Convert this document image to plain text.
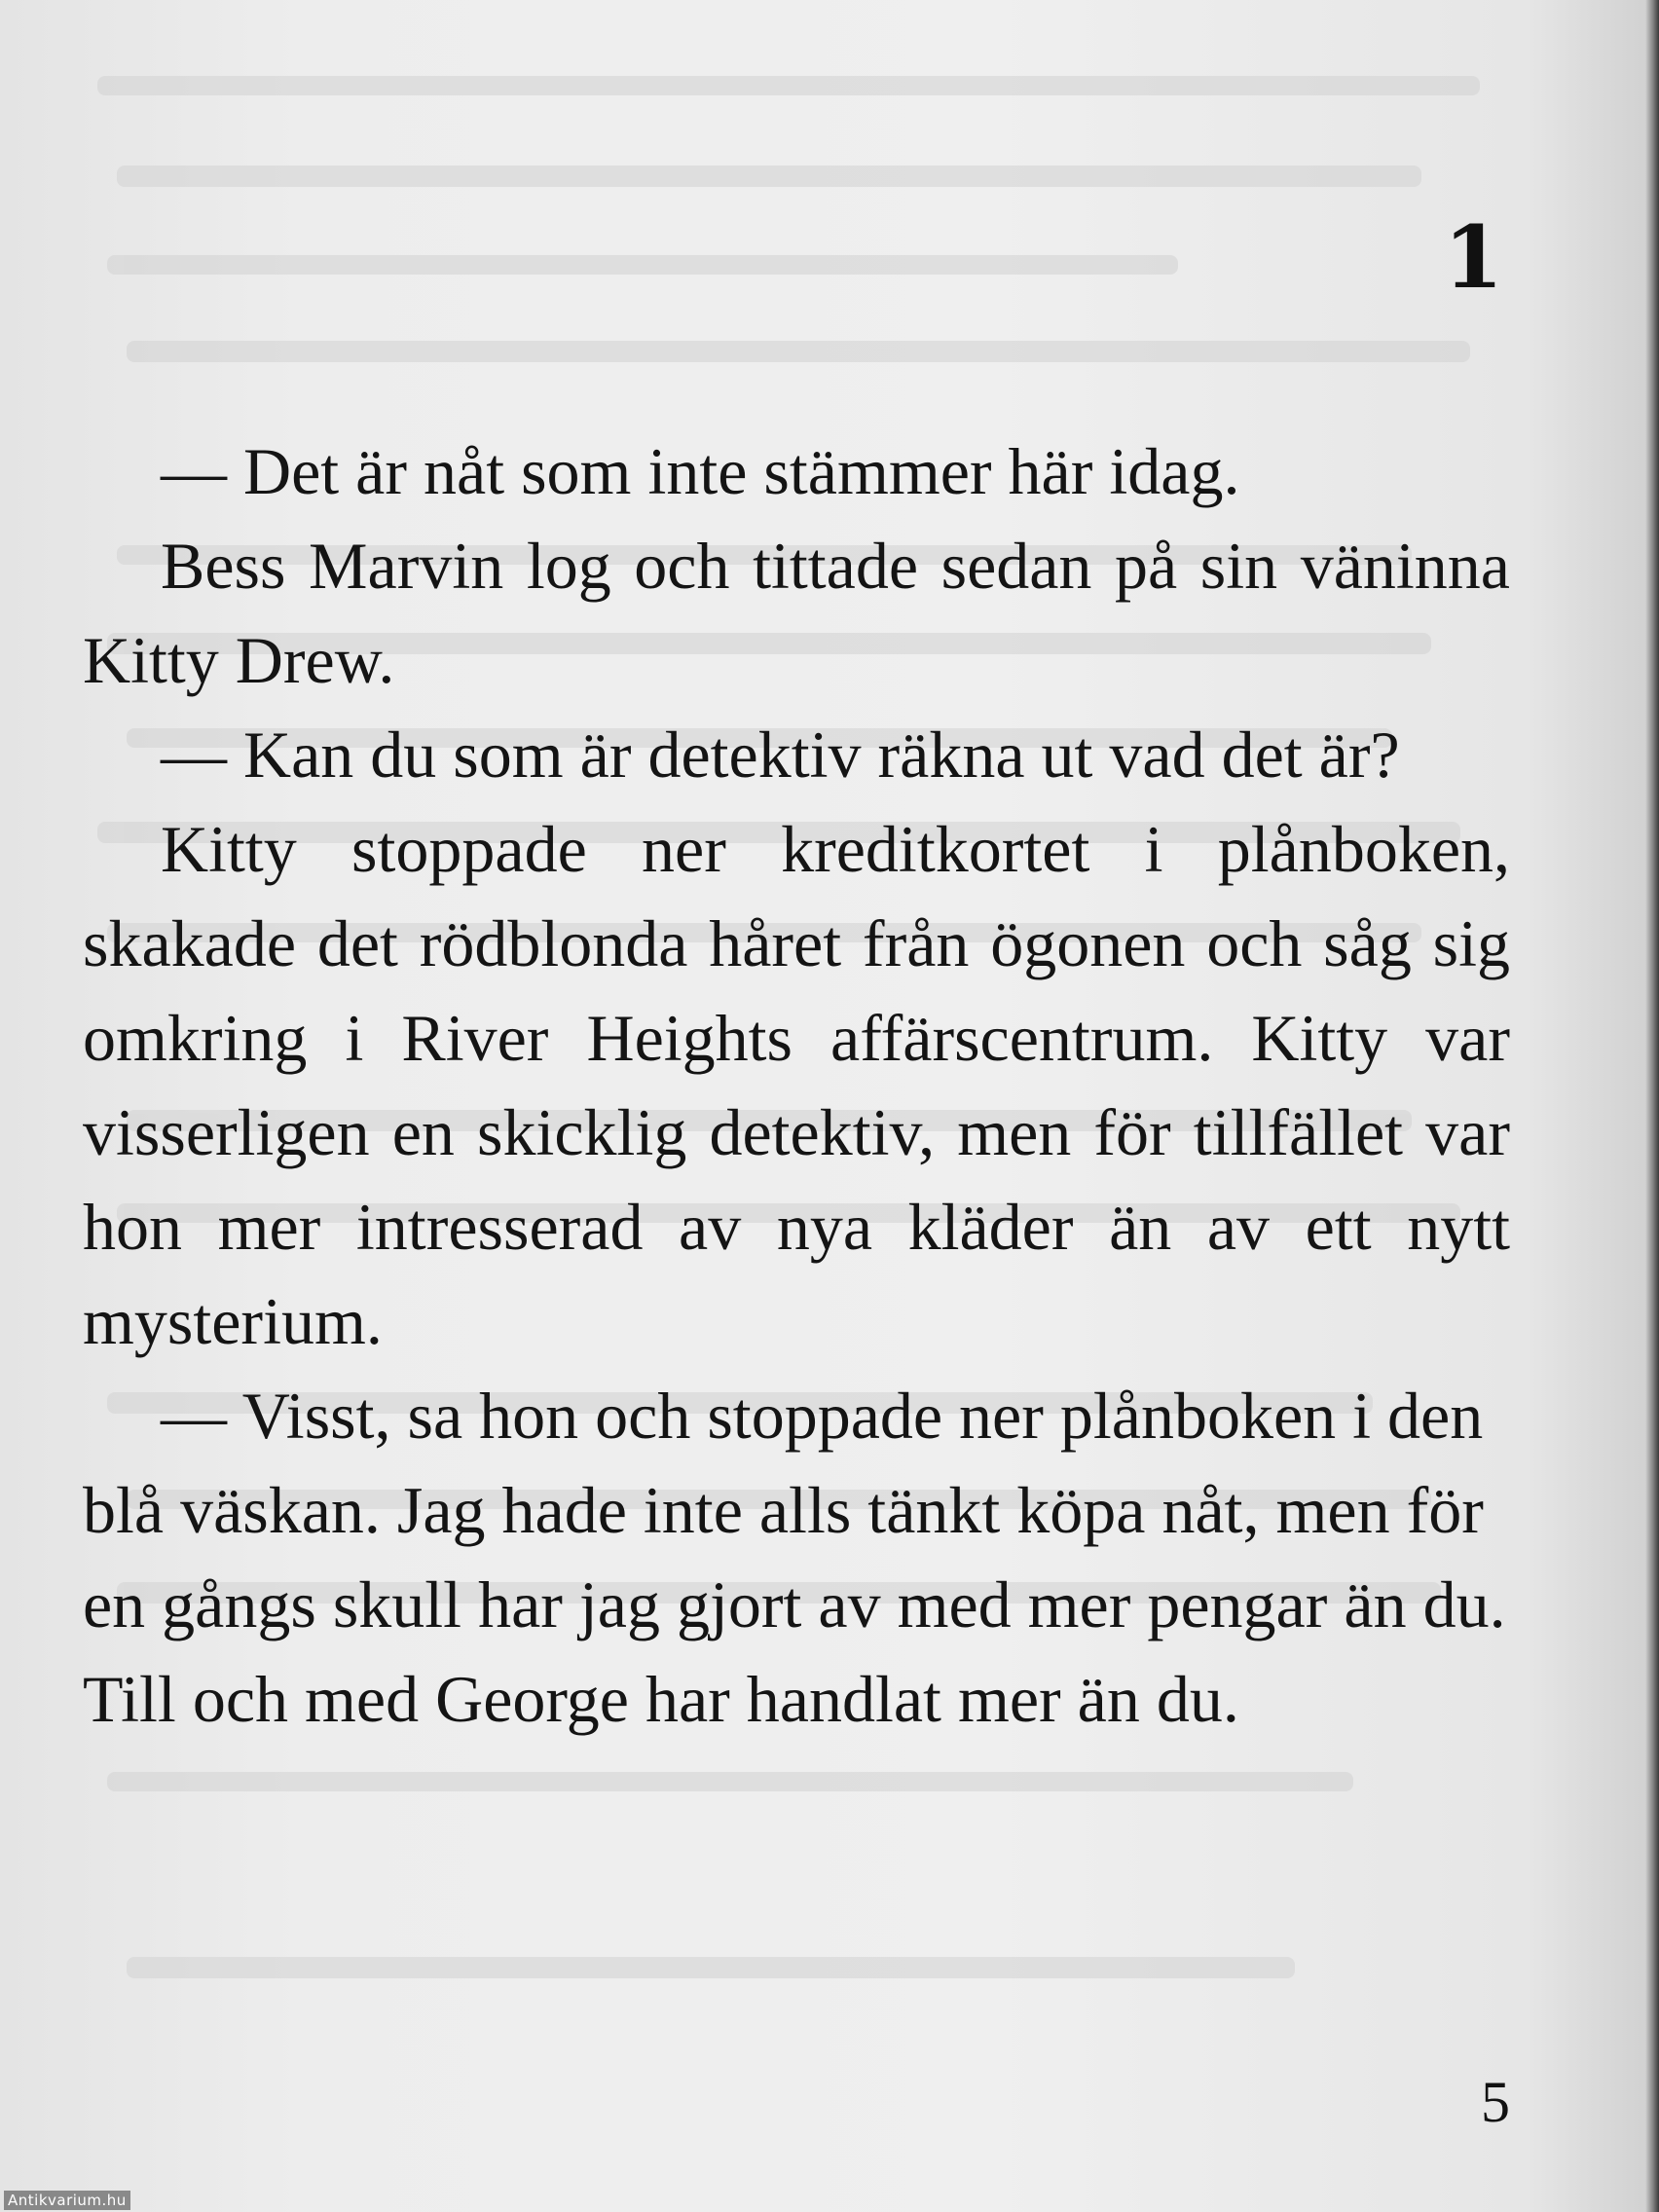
1

— Det är nåt som inte stämmer här idag.

Bess Marvin log och tittade sedan på sin väninna Kitty Drew.

— Kan du som är detektiv räkna ut vad det är?

Kitty stoppade ner kreditkortet i plånboken, skakade det rödblonda håret från ögonen och såg sig omkring i River Heights affärscentrum. Kitty var visserligen en skicklig detektiv, men för tillfället var hon mer intresserad av nya kläder än av ett nytt mysterium.

— Visst, sa hon och stoppade ner plånboken i den blå väskan. Jag hade inte alls tänkt köpa nåt, men för en gångs skull har jag gjort av med mer pengar än du. Till och med George har handlat mer än du.

5
Antikvarium.hu
